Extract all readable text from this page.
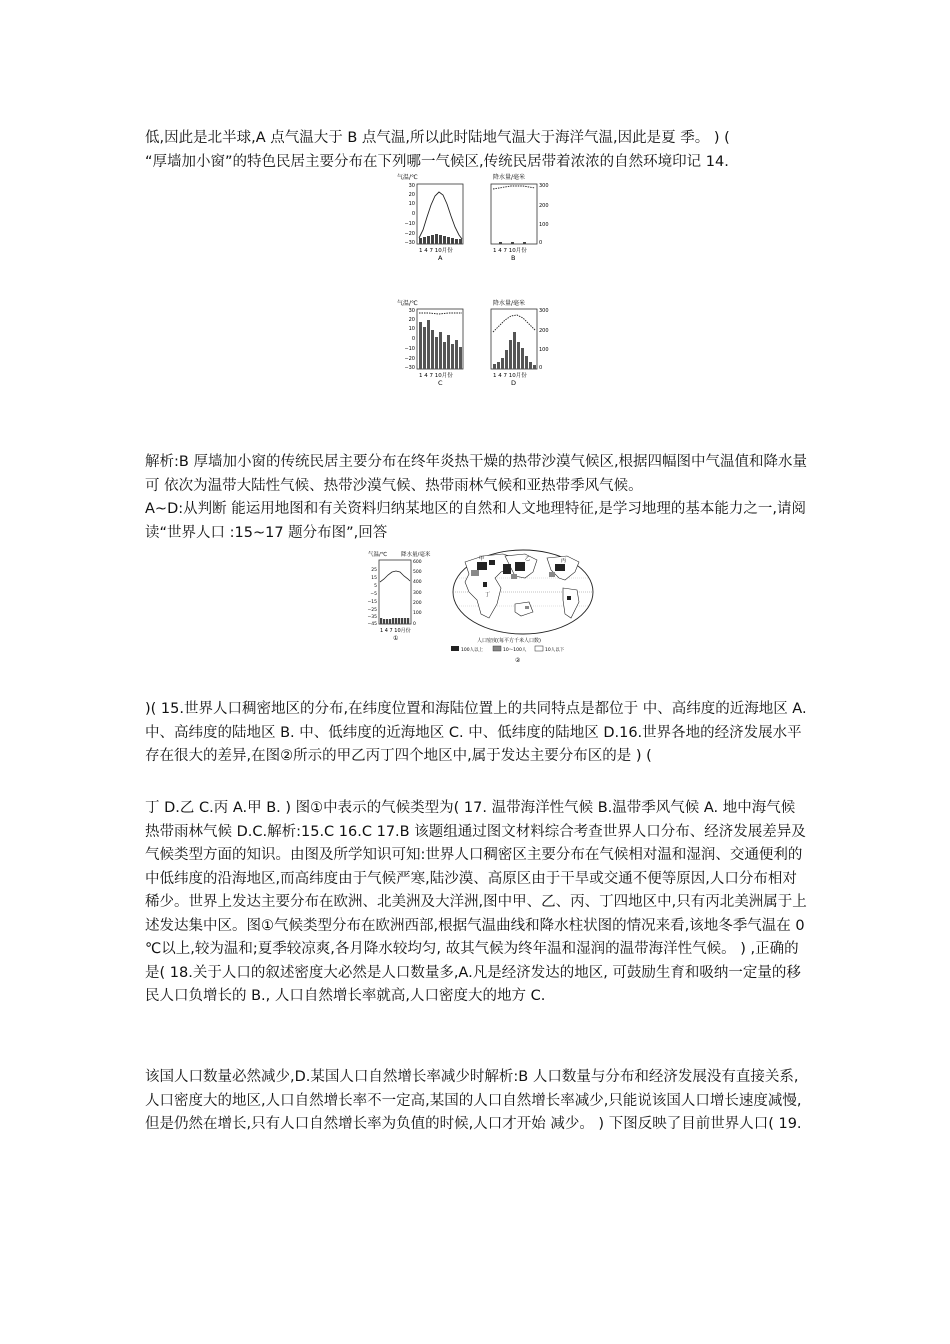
低,因此是北半球,A 点气温大于 B 点气温,所以此时陆地气温大于海洋气温,因此是夏 季。 ) (
“厚墙加小窗”的特色民居主要分布在下列哪一气候区,传统民居带着浓浓的自然环境印记 14.
气温/℃
30
20
10
0
−10
−20
−30
1 4 7 10月份
A
降水量/毫米
300
200
100
0
1 4 7 10月份
B
气温/℃
30
20
10
0
−10
−20
−30
1 4 7 10月份
C
降水量/毫米
300
200
100
0
1 4 7 10月份
D
解析:B 厚墙加小窗的传统民居主要分布在终年炎热干燥的热带沙漠气候区,根据四幅图中气温值和降水量可 依次为温带大陆性气候、热带沙漠气候、热带雨林气候和亚热带季风气候。
A~D:从判断 能运用地图和有关资料归纳某地区的自然和人文地理特征,是学习地理的基本能力之一,请阅读“世界人口 :15~17 题分布图”,回答
气温/℃	降水量/毫米
25
15
5
−5
−15
−25
−35
−45
600
500
400
300
200
100
0
1 4 7 10月份
①
甲	乙	丙
丁
人口密度(每平方千米人口数)
100人以上	10～100人	10人以下
②
)( 15.世界人口稠密地区的分布,在纬度位置和海陆位置上的共同特点是都位于 中、高纬度的近海地区 A. 中、高纬度的陆地区 B. 中、低纬度的近海地区 C. 中、低纬度的陆地区 D.16.世界各地的经济发展水平存在很大的差异,在图②所示的甲乙丙丁四个地区中,属于发达主要分布区的是 ) (
丁 D.乙 C.丙 A.甲 B. ) 图①中表示的气候类型为( 17. 温带海洋性气候 B.温带季风气候 A. 地中海气候 热带雨林气候 D.C.解析:15.C 16.C 17.B 该题组通过图文材料综合考查世界人口分布、经济发展差异及气候类型方面的知识。由图及所学知识可知:世界人口稠密区主要分布在气候相对温和湿润、交通便利的中低纬度的沿海地区,而高纬度由于气候严寒,陆沙漠、高原区由于干旱或交通不便等原因,人口分布相对稀少。世界上发达主要分布在欧洲、北美洲及大洋洲,图中甲、乙、丙、丁四地区中,只有丙北美洲属于上述发达集中区。图①气候类型分布在欧洲西部,根据气温曲线和降水柱状图的情况来看,该地冬季气温在 0 ℃以上,较为温和;夏季较凉爽,各月降水较均匀, 故其气候为终年温和湿润的温带海洋性气候。 ) ,正确的是( 18.关于人口的叙述密度大必然是人口数量多,A.凡是经济发达的地区, 可鼓励生育和吸纳一定量的移民人口负增长的 B., 人口自然增长率就高,人口密度大的地方 C.
该国人口数量必然减少,D.某国人口自然增长率减少时解析:B 人口数量与分布和经济发展没有直接关系,人口密度大的地区,人口自然增长率不一定高,某国的人口自然增长率减少,只能说该国人口增长速度减慢,但是仍然在增长,只有人口自然增长率为负值的时候,人口才开始 减少。 ) 下图反映了目前世界人口( 19.
